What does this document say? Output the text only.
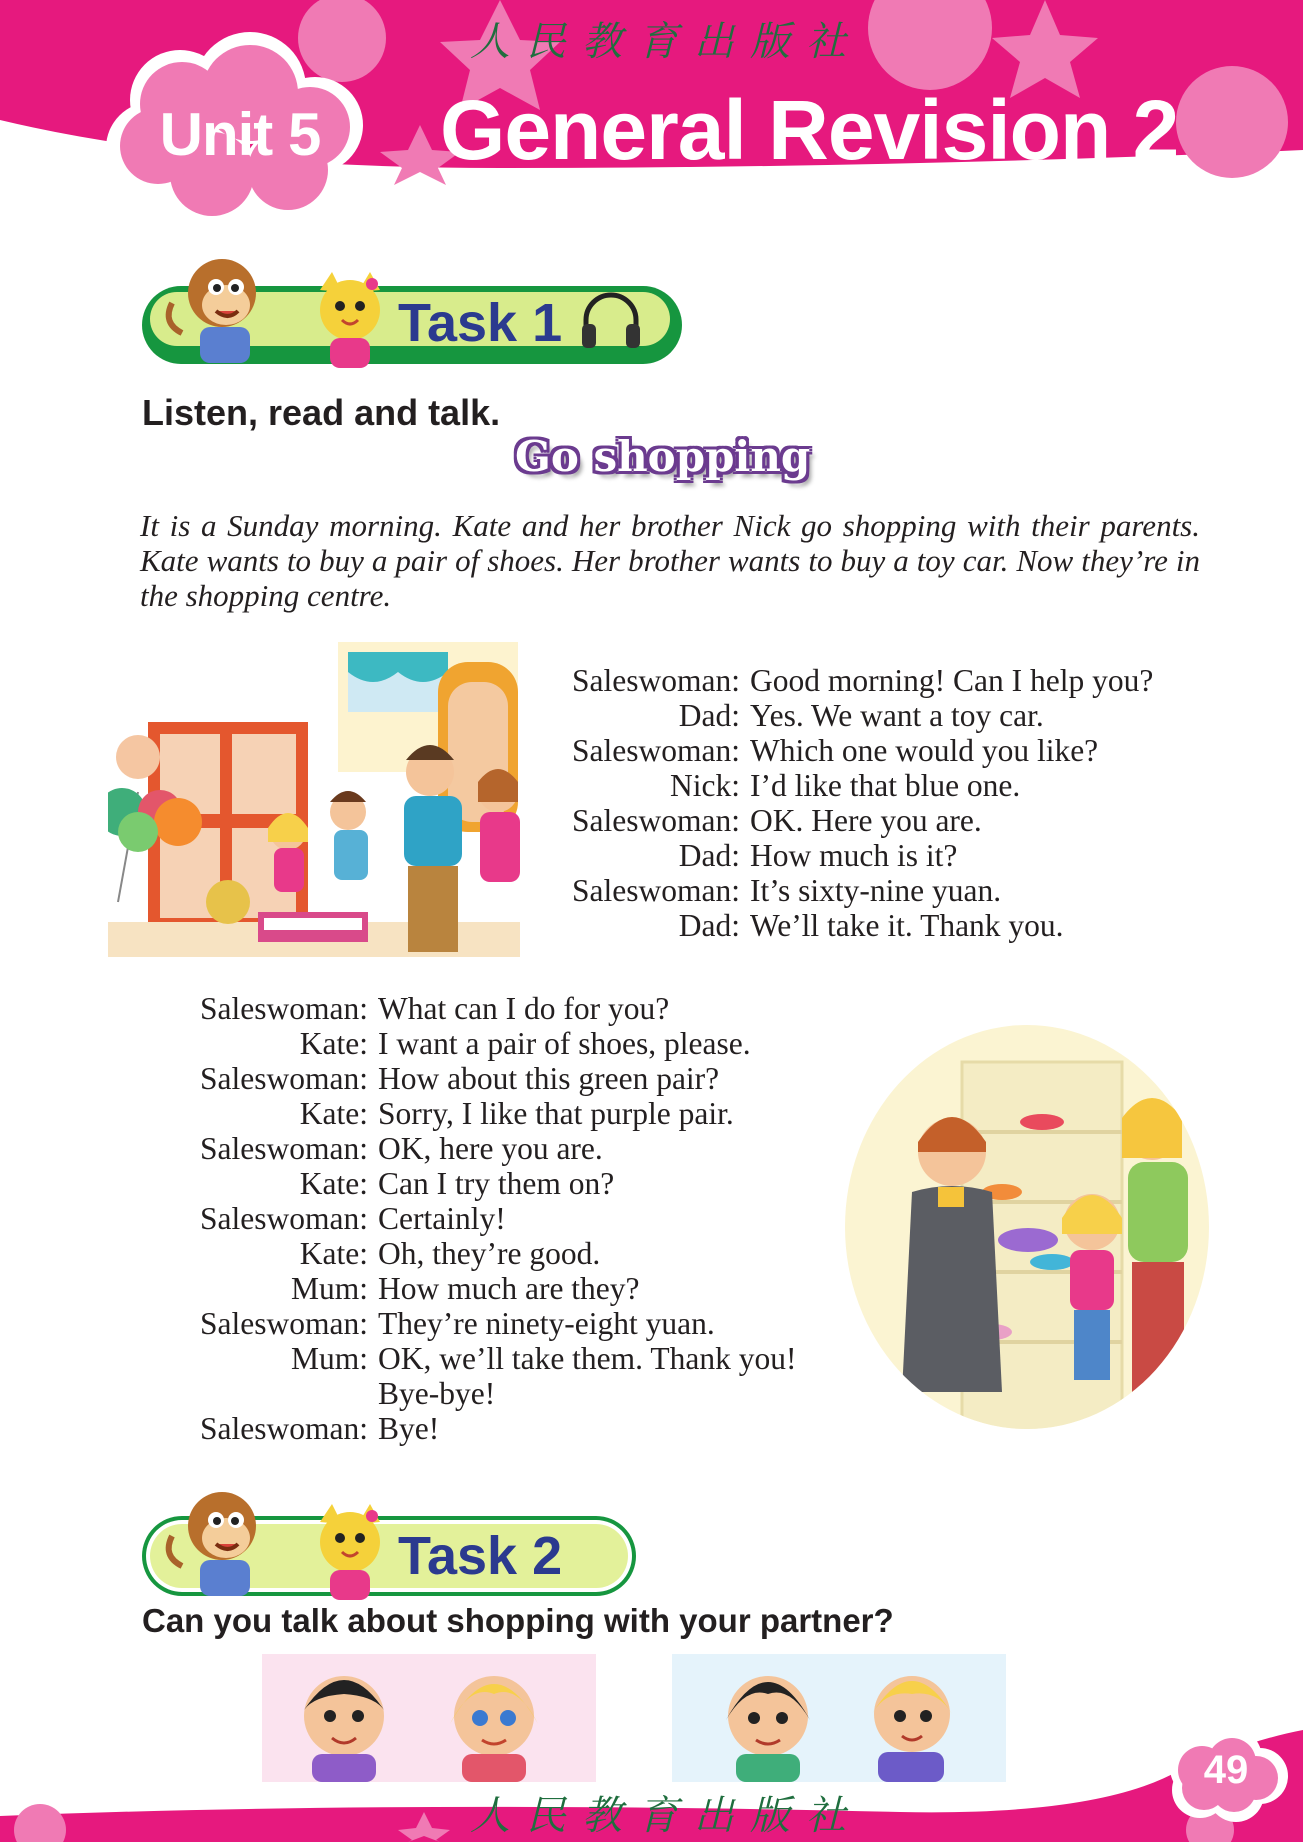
Unit 5	General Revision 2
人民教育出版社
Task 1
Listen, read and talk.
Go shopping
It is a Sunday morning. Kate and her brother Nick go shopping with their parents. Kate wants to buy a pair of shoes. Her brother wants to buy a toy car. Now they’re in the shopping centre.
Saleswoman: Good morning! Can I help you?
Dad: Yes. We want a toy car.
Saleswoman: Which one would you like?
Nick: I’d like that blue one.
Saleswoman: OK. Here you are.
Dad: How much is it?
Saleswoman: It’s sixty-nine yuan.
Dad: We’ll take it. Thank you.
Saleswoman: What can I do for you?
Kate: I want a pair of shoes, please.
Saleswoman: How about this green pair?
Kate: Sorry, I like that purple pair.
Saleswoman: OK, here you are.
Kate: Can I try them on?
Saleswoman: Certainly!
Kate: Oh, they’re good.
Mum: How much are they?
Saleswoman: They’re ninety-eight yuan.
Mum: OK, we’ll take them. Thank you!
Bye-bye!
Saleswoman: Bye!
Task 2
Can you talk about shopping with your partner?
49
人民教育出版社
